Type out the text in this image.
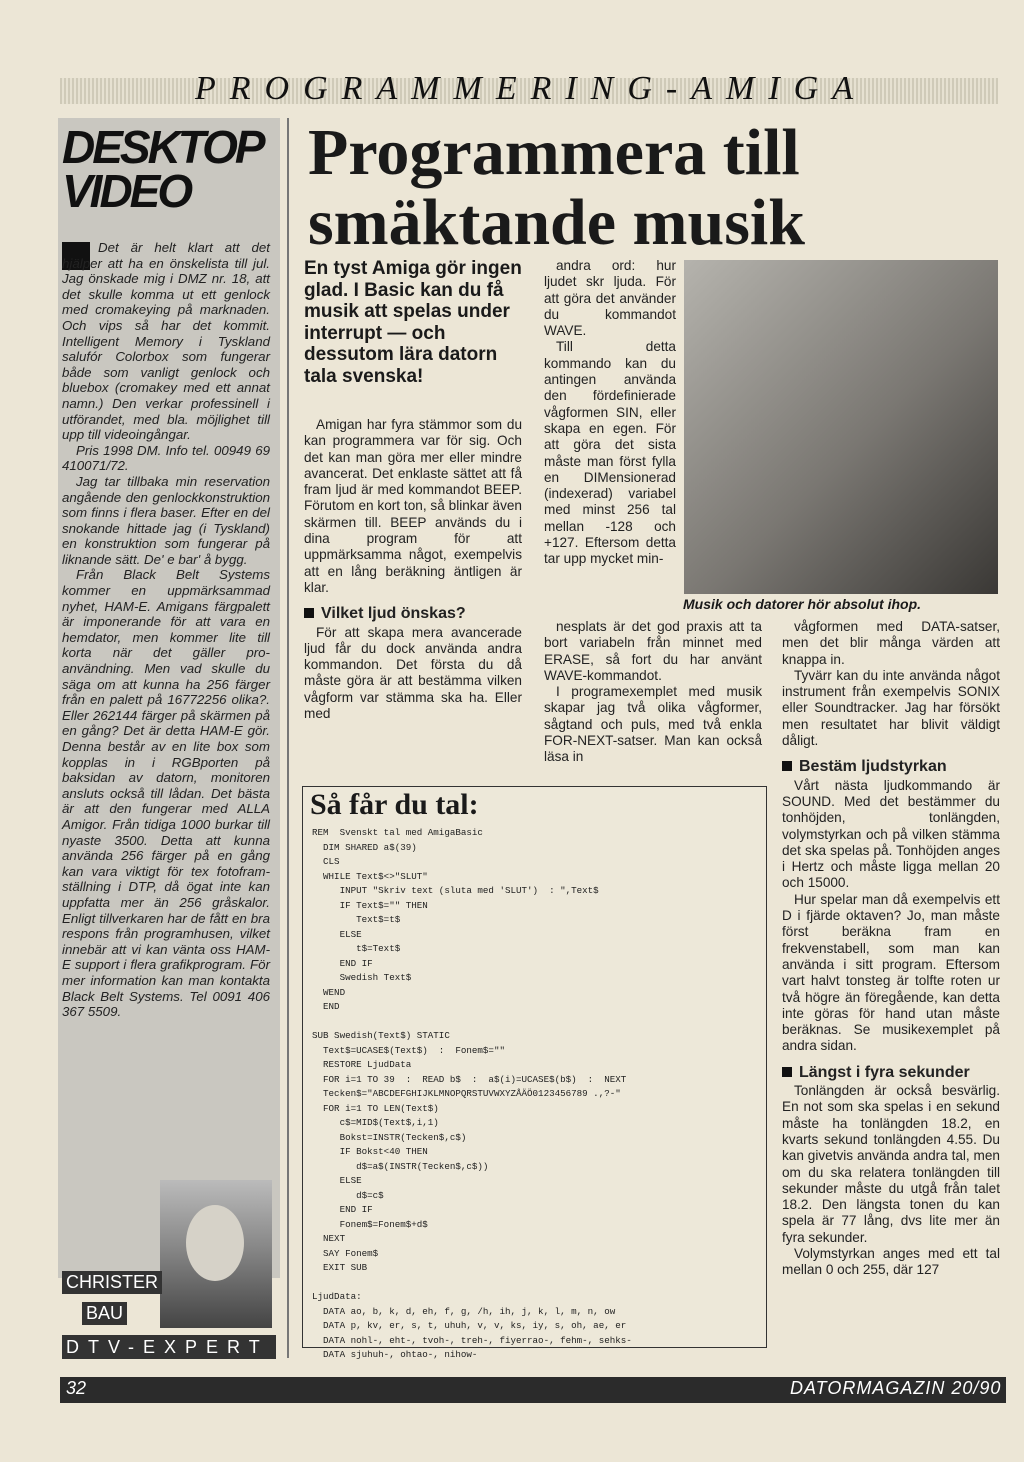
PROGRAMMERING-AMIGA
DESKTOP
VIDEO

Det är helt klart att det hjälper att ha en önskelista till jul. Jag önskade mig i DMZ nr. 18, att det skulle komma ut ett genlock med cromakeying på marknaden. Och vips så har det kommit. Intelligent Memory i Tyskland salufór Colorbox som fungerar både som vanligt genlock och bluebox (cromakey med ett annat namn.) Den verkar professinell i utförandet, med bla. möjlighet till upp till videoingångar.

Pris 1998 DM. Info tel. 00949 69 410071/72.

Jag tar tillbaka min reservation angående den genlockkonstruktion som finns i flera baser. Efter en del snokande hittade jag (i Tyskland) en konstruktion som fungerar på liknande sätt. De' e bar' å bygg.

Från Black Belt Systems kommer en uppmärksammad nyhet, HAM-E. Amigans färgpalett är imponerande för att vara en hemdator, men kommer lite till korta när det gäller pro-användning. Men vad skulle du säga om att kunna ha 256 färger från en palett på 16772256 olika?. Eller 262144 färger på skärmen på en gång? Det är detta HAM-E gör. Denna består av en lite box som kopplas in i RGBporten på baksidan av datorn, monitoren ansluts också till lådan. Det bästa är att den fungerar med ALLA Amigor. Från tidiga 1000 burkar till nyaste 3500. Detta att kunna använda 256 färger på en gång kan vara viktigt för tex fotoframställning i DTP, då ögat inte kan uppfatta mer än 256 gråskalor. Enligt tillverkaren har de fått en bra respons från programhusen, vilket innebär att vi kan vänta oss HAM-E support i flera grafikprogram. För mer information kan man kontakta Black Belt Systems. Tel 0091 406 367 5509.

CHRISTER
BAU
DTV-EXPERT
Programmera till
smäktande musik
En tyst Amiga gör ingen glad. I Basic kan du få musik att spelas under interrupt — och dessutom lära datorn tala svenska!

Amigan har fyra stämmor som du kan programmera var för sig. Och det kan man göra mer eller mindre avancerat. Det enklaste sättet att få fram ljud är med kommandot BEEP. Förutom en kort ton, så blinkar även skärmen till. BEEP används du i dina program för att uppmärksamma något, exempelvis att en lång beräkning äntligen är klar.

Vilket ljud önskas?

För att skapa mera avancerade ljud får du dock använda andra kommandon. Det första du då måste göra är att bestämma vilken vågform var stämma ska ha. Eller med

andra ord: hur ljudet skr ljuda. För att göra det använder du kommandot WAVE.

Till detta kommando kan du antingen använda den fördefinierade vågformen SIN, eller skapa en egen. För att göra det sista måste man först fylla en DIMensionerad (indexerad) variabel med minst 256 tal mellan -128 och +127. Eftersom detta tar upp mycket min-

Musik och datorer hör absolut ihop.

nesplats är det god praxis att ta bort variabeln från minnet med ERASE, så fort du har använt WAVE-kommandot.

I programexemplet med musik skapar jag två olika vågformer, sågtand och puls, med två enkla FOR-NEXT-satser. Man kan också läsa in

vågformen med DATA-satser, men det blir många värden att knappa in.

Tyvärr kan du inte använda något instrument från exempelvis SONIX eller Soundtracker. Jag har försökt men resultatet har blivit väldigt dåligt.

Bestäm ljudstyrkan

Vårt nästa ljudkommando är SOUND. Med det bestämmer du tonhöjden, tonlängden, volymstyrkan och på vilken stämma det ska spelas på. Tonhöjden anges i Hertz och måste ligga mellan 20 och 15000.

Hur spelar man då exempelvis ett D i fjärde oktaven? Jo, man måste först beräkna fram en frekvenstabell, som man kan använda i sitt program. Eftersom vart halvt tonsteg är tolfte roten ur två högre än föregående, kan detta inte göras för hand utan måste beräknas. Se musikexemplet på andra sidan.

Längst i fyra sekunder

Tonlängden är också besvärlig. En not som ska spelas i en sekund måste ha tonlängden 18.2, en kvarts sekund tonlängden 4.55. Du kan givetvis använda andra tal, men om du ska relatera tonlängden till sekunder måste du utgå från talet 18.2. Den längsta tonen du kan spela är 77 lång, dvs lite mer än fyra sekunder.

Volymstyrkan anges med ett tal mellan 0 och 255, där 127

Så får du tal:
REM  Svenskt tal med AmigaBasic
DIM SHARED a$(39)
CLS
WHILE Text$<>"SLUT"
INPUT "Skriv text (sluta med 'SLUT')  : ",Text$
IF Text$="" THEN
Text$=t$
ELSE
t$=Text$
END IF
Swedish Text$
WEND
END

SUB Swedish(Text$) STATIC
Text$=UCASE$(Text$)  :  Fonem$=""
RESTORE LjudData
FOR i=1 TO 39  :  READ b$  :  a$(i)=UCASE$(b$)  :  NEXT
Tecken$="ABCDEFGHIJKLMNOPQRSTUVWXYZÅÄÖ0123456789 .,?-"
FOR i=1 TO LEN(Text$)
c$=MID$(Text$,i,1)
Bokst=INSTR(Tecken$,c$)
IF Bokst<40 THEN
d$=a$(INSTR(Tecken$,c$))
ELSE
d$=c$
END IF
Fonem$=Fonem$+d$
NEXT
SAY Fonem$
EXIT SUB

LjudData:
DATA ao, b, k, d, eh, f, g, /h, ih, j, k, l, m, n, ow
DATA p, kv, er, s, t, uhuh, v, v, ks, iy, s, oh, ae, er
DATA nohl-, eht-, tvoh-, treh-, fiyerrao-, fehm-, sehks-
DATA sjuhuh-, ohtao-, nihow-

32	DATORMAGAZIN 20/90
